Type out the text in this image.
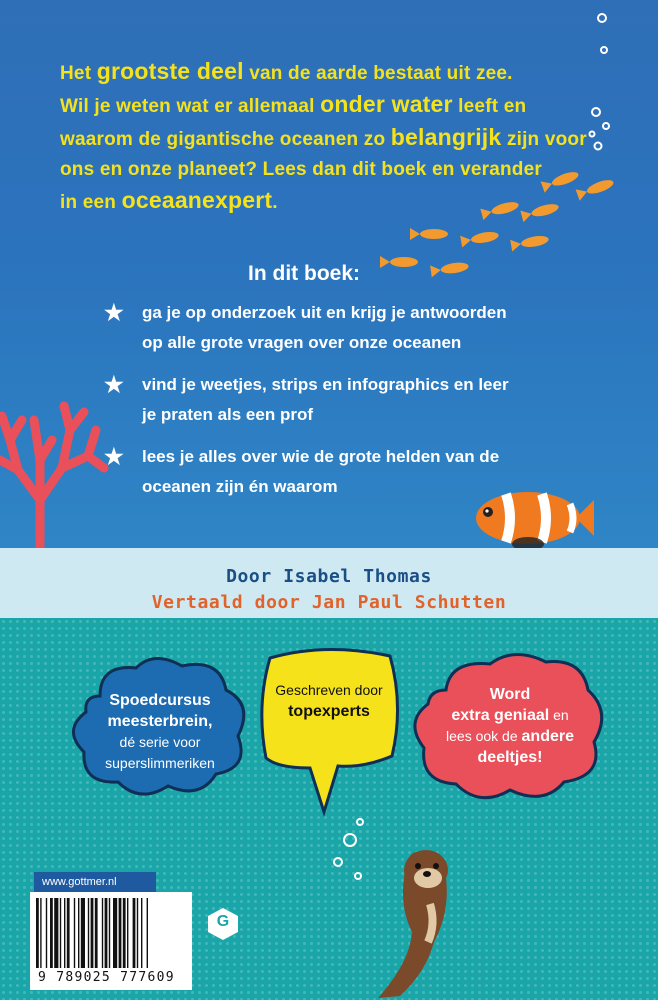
Het grootste deel van de aarde bestaat uit zee.
Wil je weten wat er allemaal onder water leeft en
waarom de gigantische oceanen zo belangrijk zijn voor
ons en onze planeet? Lees dan dit boek en verander
in een oceaanexpert.
In dit boek:
★ ga je op onderzoek uit en krijg je antwoorden
op alle grote vragen over onze oceanen
★ vind je weetjes, strips en infographics en leer
je praten als een prof
★ lees je alles over wie de grote helden van de
oceanen zijn én waarom
Door Isabel Thomas
Vertaald door Jan Paul Schutten
Spoedcursus
meesterbrein,
dé serie voor
superslimmeriken
Geschreven door
topexperts
Word
extra geniaal en
lees ook de andere
deeltjes!
www.gottmer.nl
9 789025 777609
G
